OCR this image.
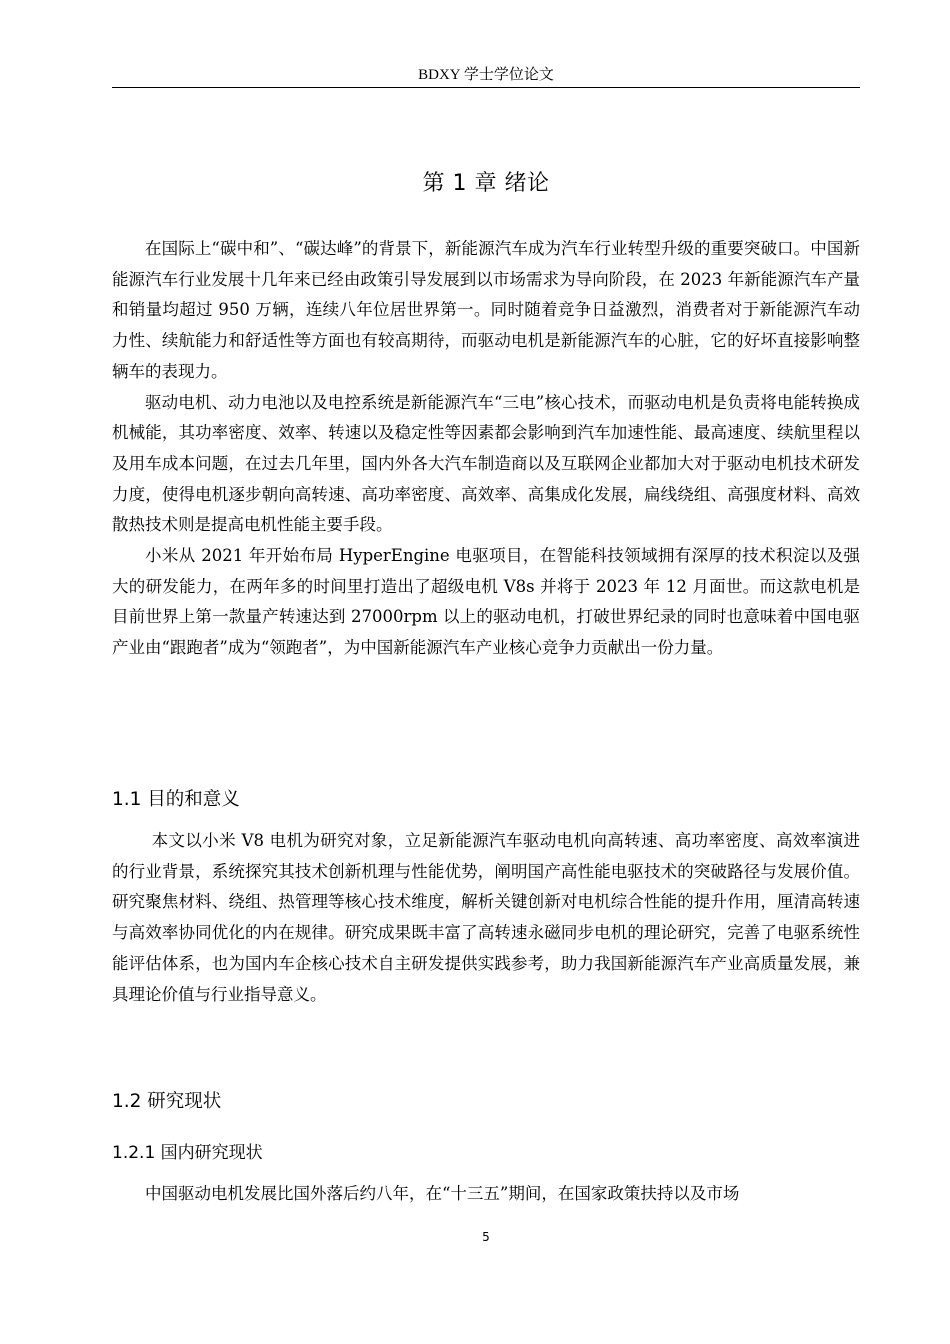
BDXY 学士学位论文
第 1 章 绪论

在国际上“碳中和”、“碳达峰”的背景下，新能源汽车成为汽车行业转型升级的重要突破口。中国新能源汽车行业发展十几年来已经由政策引导发展到以市场需求为导向阶段，在 2023 年新能源汽车产量和销量均超过 950 万辆，连续八年位居世界第一。同时随着竞争日益激烈，消费者对于新能源汽车动力性、续航能力和舒适性等方面也有较高期待，而驱动电机是新能源汽车的心脏，它的好坏直接影响整辆车的表现力。

驱动电机、动力电池以及电控系统是新能源汽车“三电”核心技术，而驱动电机是负责将电能转换成机械能，其功率密度、效率、转速以及稳定性等因素都会影响到汽车加速性能、最高速度、续航里程以及用车成本问题，在过去几年里，国内外各大汽车制造商以及互联网企业都加大对于驱动电机技术研发力度，使得电机逐步朝向高转速、高功率密度、高效率、高集成化发展，扁线绕组、高强度材料、高效散热技术则是提高电机性能主要手段。

小米从 2021 年开始布局 HyperEngine 电驱项目，在智能科技领域拥有深厚的技术积淀以及强大的研发能力，在两年多的时间里打造出了超级电机 V8s 并将于 2023 年 12 月面世。而这款电机是目前世界上第一款量产转速达到 27000rpm 以上的驱动电机，打破世界纪录的同时也意味着中国电驱产业由“跟跑者”成为“领跑者”，为中国新能源汽车产业核心竞争力贡献出一份力量。

1.1 目的和意义

本文以小米 V8 电机为研究对象，立足新能源汽车驱动电机向高转速、高功率密度、高效率演进的行业背景，系统探究其技术创新机理与性能优势，阐明国产高性能电驱技术的突破路径与发展价值。研究聚焦材料、绕组、热管理等核心技术维度，解析关键创新对电机综合性能的提升作用，厘清高转速与高效率协同优化的内在规律。研究成果既丰富了高转速永磁同步电机的理论研究，完善了电驱系统性能评估体系，也为国内车企核心技术自主研发提供实践参考，助力我国新能源汽车产业高质量发展，兼具理论价值与行业指导意义。

1.2 研究现状
1.2.1 国内研究现状

中国驱动电机发展比国外落后约八年，在“十三五”期间，在国家政策扶持以及市场

5
